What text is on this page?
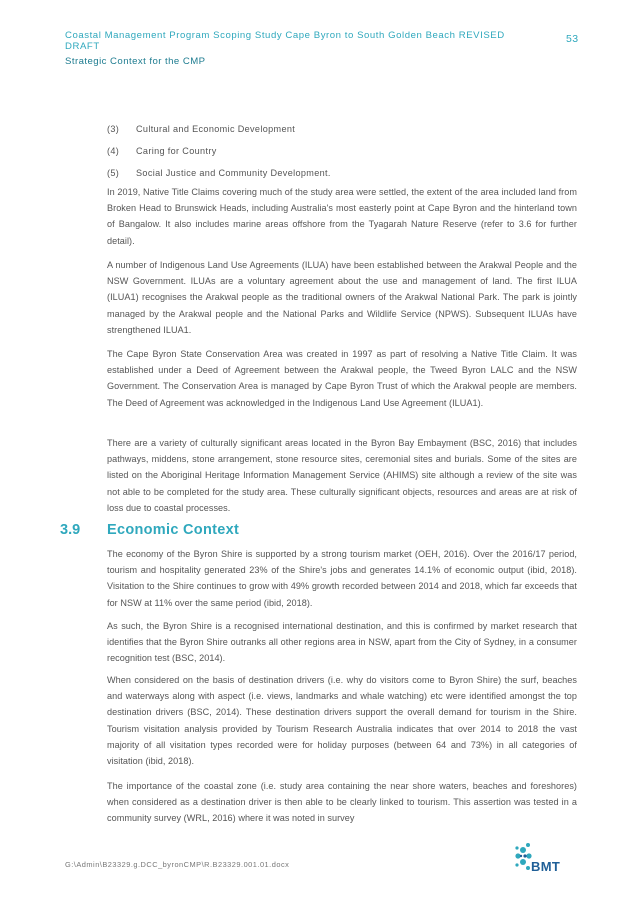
Coastal Management Program Scoping Study Cape Byron to South Golden Beach REVISED DRAFT
53
Strategic Context for the CMP
(3) Cultural and Economic Development
(4) Caring for Country
(5) Social Justice and Community Development.

In 2019, Native Title Claims covering much of the study area were settled, the extent of the area included land from Broken Head to Brunswick Heads, including Australia's most easterly point at Cape Byron and the hinterland town of Bangalow. It also includes marine areas offshore from the Tyagarah Nature Reserve (refer to 3.6 for further detail).

A number of Indigenous Land Use Agreements (ILUA) have been established between the Arakwal People and the NSW Government. ILUAs are a voluntary agreement about the use and management of land. The first ILUA (ILUA1) recognises the Arakwal people as the traditional owners of the Arakwal National Park. The park is jointly managed by the Arakwal people and the National Parks and Wildlife Service (NPWS). Subsequent ILUAs have strengthened ILUA1.

The Cape Byron State Conservation Area was created in 1997 as part of resolving a Native Title Claim. It was established under a Deed of Agreement between the Arakwal people, the Tweed Byron LALC and the NSW Government. The Conservation Area is managed by Cape Byron Trust of which the Arakwal people are members. The Deed of Agreement was acknowledged in the Indigenous Land Use Agreement (ILUA1).

There are a variety of culturally significant areas located in the Byron Bay Embayment (BSC, 2016) that includes pathways, middens, stone arrangement, stone resource sites, ceremonial sites and burials. Some of the sites are listed on the Aboriginal Heritage Information Management Service (AHIMS) site although a review of the site was not able to be completed for the study area. These culturally significant objects, resources and areas are at risk of loss due to coastal processes.

3.9 Economic Context

The economy of the Byron Shire is supported by a strong tourism market (OEH, 2016). Over the 2016/17 period, tourism and hospitality generated 23% of the Shire's jobs and generates 14.1% of economic output (ibid, 2018). Visitation to the Shire continues to grow with 49% growth recorded between 2014 and 2018, which far exceeds that for NSW at 11% over the same period (ibid, 2018).

As such, the Byron Shire is a recognised international destination, and this is confirmed by market research that identifies that the Byron Shire outranks all other regions area in NSW, apart from the City of Sydney, in a consumer recognition test (BSC, 2014).

When considered on the basis of destination drivers (i.e. why do visitors come to Byron Shire) the surf, beaches and waterways along with aspect (i.e. views, landmarks and whale watching) etc were identified amongst the top destination drivers (BSC, 2014). These destination drivers support the overall demand for tourism in the Shire. Tourism visitation analysis provided by Tourism Research Australia indicates that over 2014 to 2018 the vast majority of all visitation types recorded were for holiday purposes (between 64 and 73%) in all categories of visitation (ibid, 2018).

The importance of the coastal zone (i.e. study area containing the near shore waters, beaches and foreshores) when considered as a destination driver is then able to be clearly linked to tourism. This assertion was tested in a community survey (WRL, 2016) where it was noted in survey

G:\Admin\B23329.g.DCC_byronCMP\R.B23329.001.01.docx	BMT
